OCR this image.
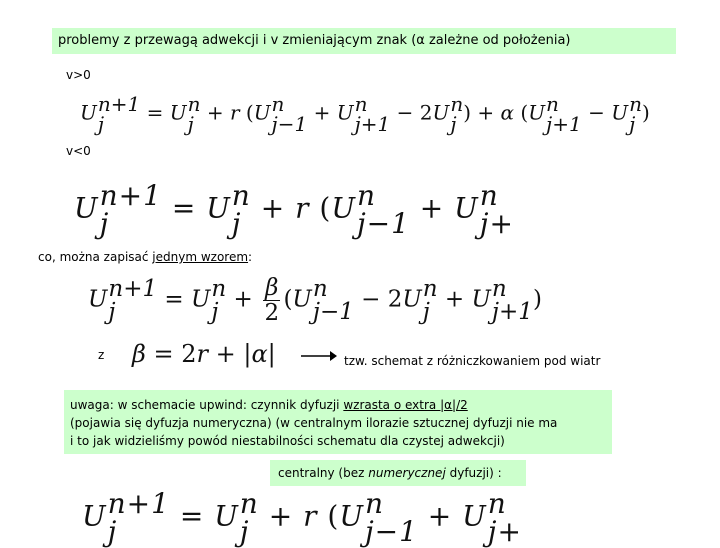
problemy z przewagą adwekcji i v zmieniającym znak (α zależne od położenia)
v>0
U n+1
j	= U n
j + r (U n
j−1 + U n
j+1 − 2U n
j ) + α (U n
j+1 − U n
j )
v<0
U n+1
j	= U n
j + r (U n
j−1 + U n
j+
co, można zapisać jednym wzorem:
U n+1
j	= U n
$j + \frac{\beta}{2} (U$ n
j−1 − 2U n
j + U n
j+1 )
z β = 2r + |α|	tzw. schemat z różniczkowaniem pod wiatr
uwaga: w schemacie upwind: czynnik dyfuzji wzrasta o extra |α|/2
(pojawia się dyfuzja numeryczna) (w centralnym ilorazie sztucznej dyfuzji nie ma
i to jak widzieliśmy powód niestabilności schematu dla czystej adwekcji)
centralny (bez numerycznej dyfuzji) :
U n+1
j	= U n
j + r (U n
j−1 + U n
j+
